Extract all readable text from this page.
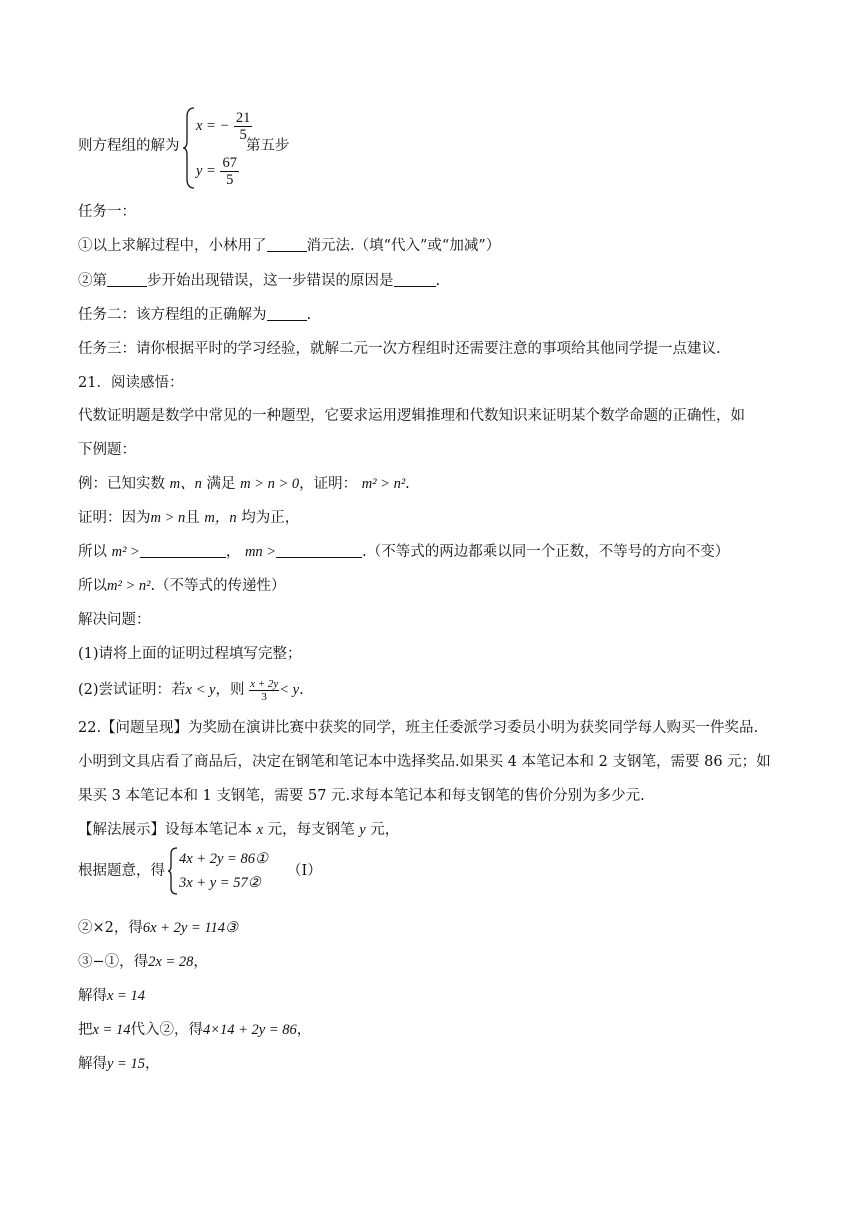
则方程组的解为
x = − $\frac{21}{5}$
第五步
$y = \frac{67}{5}$
任务一：
①以上求解过程中，小林用了	消元法.（填“代入”或“加减”）
②第	步开始出现错误，这一步错误的原因是	.
任务二：该方程组的正确解为	.
任务三：请你根据平时的学习经验，就解二元一次方程组时还需要注意的事项给其他同学提一点建议.
21．阅读感悟：
代数证明题是数学中常见的一种题型，它要求运用逻辑推理和代数知识来证明某个数学命题的正确性，如
下例题：
例：已知实数 m、n 满足 m > n > 0，证明： m² > n².
证明：因为m > n且 m，n 均为正，
所以 m² >	， mn >	.（不等式的两边都乘以同一个正数，不等号的方向不变）
所以m² > n².（不等式的传递性）
解决问题：
(1)请将上面的证明过程填写完整；
(2)尝试证明：若x < y，则 $\frac{x + 2y}{3} < y$.
22.【问题呈现】为奖励在演讲比赛中获奖的同学，班主任委派学习委员小明为获奖同学每人购买一件奖品.
小明到文具店看了商品后，决定在钢笔和笔记本中选择奖品.如果买 4 本笔记本和 2 支钢笔，需要 86 元；如
果买 3 本笔记本和 1 支钢笔，需要 57 元.求每本笔记本和每支钢笔的售价分别为多少元.
【解法展示】设每本笔记本 x 元，每支钢笔 y 元，
根据题意，得
4x + 2y = 86①
3x + y = 57②
（Ⅰ）
②×2，得6x + 2y = 114③
③−①，得2x = 28，
解得x = 14
把x = 14代入②，得4×14 + 2y = 86，
解得y = 15，
